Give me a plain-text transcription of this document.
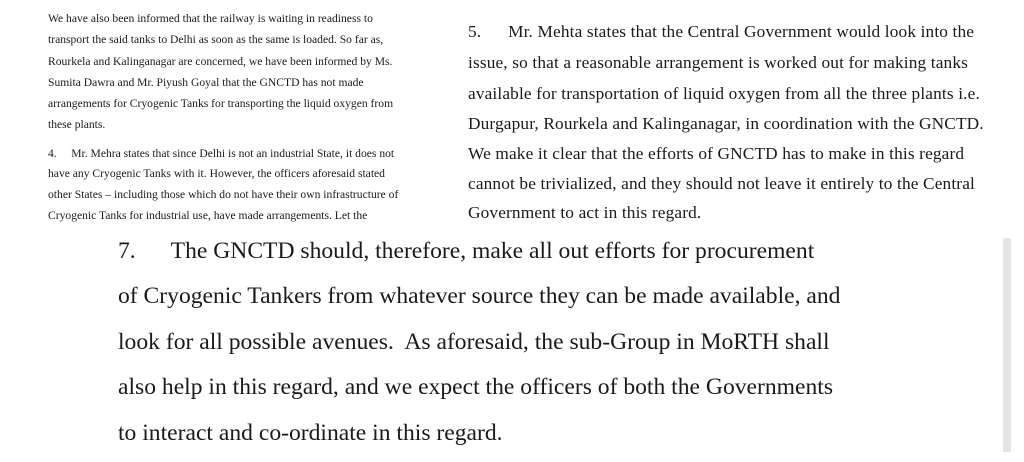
We have also been informed that the railway is waiting in readiness to
transport the said tanks to Delhi as soon as the same is loaded. So far as,
Rourkela and Kalinganagar are concerned, we have been informed by Ms.
Sumita Dawra and Mr. Piyush Goyal that the GNCTD has not made
arrangements for Cryogenic Tanks for transporting the liquid oxygen from
these plants.
4.     Mr. Mehra states that since Delhi is not an industrial State, it does not
have any Cryogenic Tanks with it. However, the officers aforesaid stated
other States – including those which do not have their own infrastructure of
Cryogenic Tanks for industrial use, have made arrangements. Let the
5.      Mr. Mehta states that the Central Government would look into the
issue, so that a reasonable arrangement is worked out for making tanks
available for transportation of liquid oxygen from all the three plants i.e.
Durgapur, Rourkela and Kalinganagar, in coordination with the GNCTD.
We make it clear that the efforts of GNCTD has to make in this regard
cannot be trivialized, and they should not leave it entirely to the Central
Government to act in this regard.
7.      The GNCTD should, therefore, make all out efforts for procurement
of Cryogenic Tankers from whatever source they can be made available, and
look for all possible avenues.  As aforesaid, the sub-Group in MoRTH shall
also help in this regard, and we expect the officers of both the Governments
to interact and co-ordinate in this regard.
